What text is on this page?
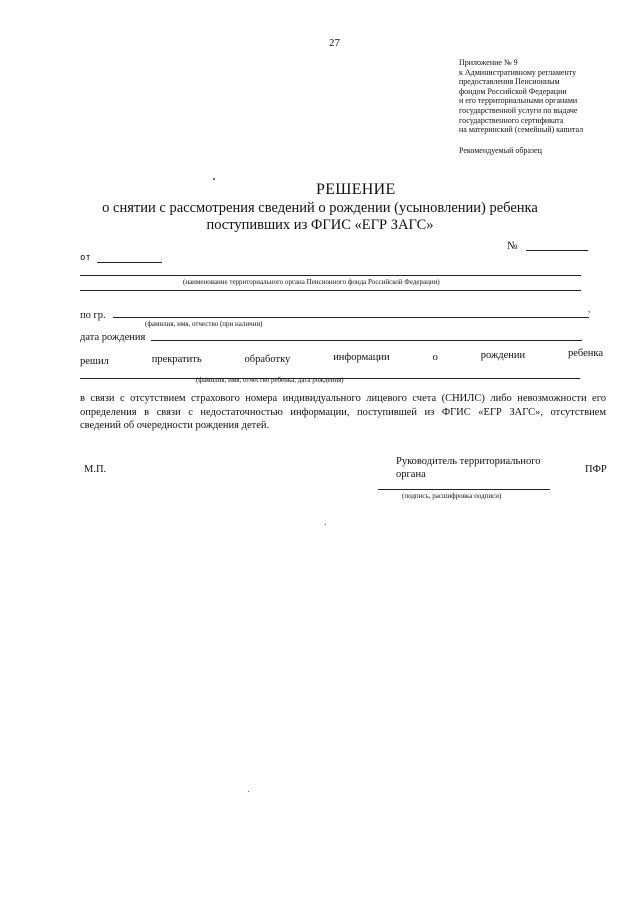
27
Приложение № 9
к Административному регламенту
предоставления Пенсионным
фондом Российской Федерации
и его территориальными органами
государственной услуги по выдаче
государственного сертификата
на материнский (семейный) капитал
Рекомендуемый образец
РЕШЕНИЕ
о снятии с рассмотрения сведений о рождении (усыновлении) ребенка
поступивших из ФГИС «ЕГР ЗАГС»
№
от
(наименование территориального органа Пенсионного фонда Российской Федерации)
по гр.
,
(фамилия, имя, отчество (при наличии)
дата рождения
решил	прекратить	обработку	информации	о	рождении	ребенка
(фамилия, имя, отчество ребенка, дата рождения)
в связи с отсутствием страхового номера индивидуального лицевого счета (СНИЛС) либо невозможности его
определения в связи с недостаточностью информации, поступившей из ФГИС «ЕГР ЗАГС», отсутствием
сведений об очередности рождения детей.
М.П.
Руководитель территориального
органа	ПФР
(подпись, расшифровка подписи)
